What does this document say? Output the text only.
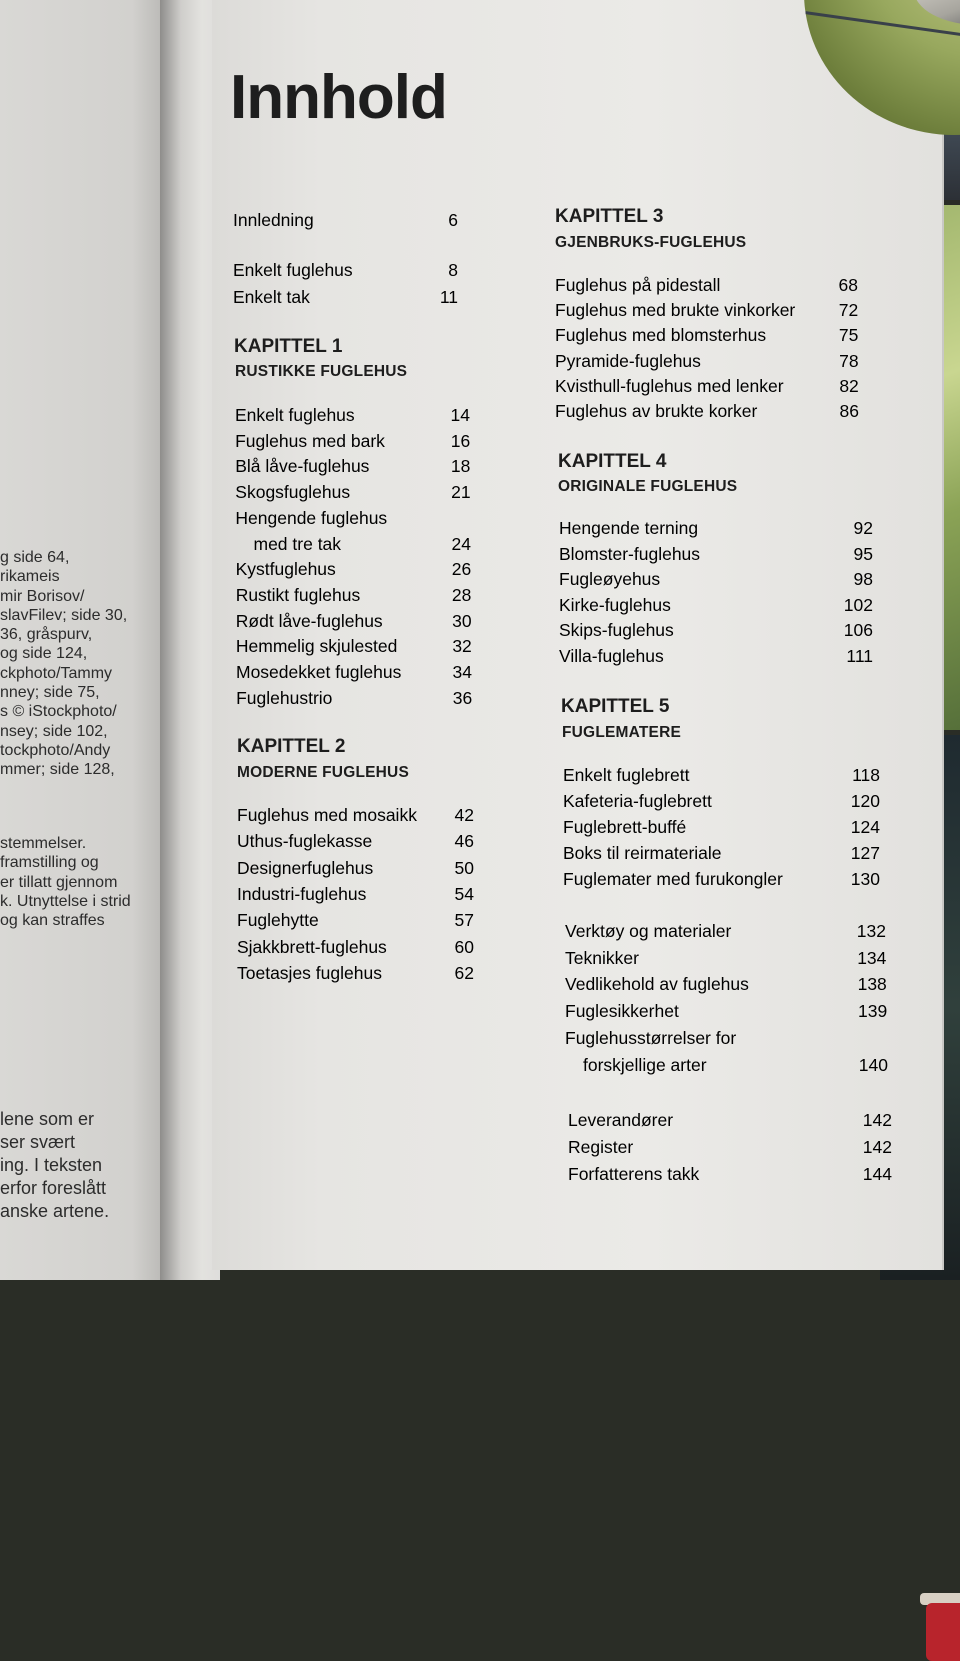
g side 64,
rikameis
mir Borisov/
slavFilev; side 30,
36, gråspurv,
og side 124,
ckphoto/Tammy
nney; side 75,
s © iStockphoto/
nsey; side 102,
tockphoto/Andy
mmer; side 128,
stemmelser.
framstilling og
er tillatt gjennom
k. Utnyttelse i strid
og kan straffes
lene som er
ser svært
ing. I teksten
erfor foreslått
anske artene.
Innhold
Innledning	6
Enkelt fuglehus	8
Enkelt tak	11
KAPITTEL 1
RUSTIKKE FUGLEHUS
Enkelt fuglehus	14
Fuglehus med bark	16
Blå låve-fuglehus	18
Skogsfuglehus	21
Hengende fuglehus
med tre tak	24
Kystfuglehus	26
Rustikt fuglehus	28
Rødt låve-fuglehus	30
Hemmelig skjulested	32
Mosedekket fuglehus	34
Fuglehustrio	36
KAPITTEL 2
MODERNE FUGLEHUS
Fuglehus med mosaikk	42
Uthus-fuglekasse	46
Designerfuglehus	50
Industri-fuglehus	54
Fuglehytte	57
Sjakkbrett-fuglehus	60
Toetasjes fuglehus	62
KAPITTEL 3
GJENBRUKS-FUGLEHUS
Fuglehus på pidestall	68
Fuglehus med brukte vinkorker	72
Fuglehus med blomsterhus	75
Pyramide-fuglehus	78
Kvisthull-fuglehus med lenker	82
Fuglehus av brukte korker	86
KAPITTEL 4
ORIGINALE FUGLEHUS
Hengende terning	92
Blomster-fuglehus	95
Fugleøyehus	98
Kirke-fuglehus	102
Skips-fuglehus	106
Villa-fuglehus	111
KAPITTEL 5
FUGLEMATERE
Enkelt fuglebrett	118
Kafeteria-fuglebrett	120
Fuglebrett-buffé	124
Boks til reirmateriale	127
Fuglemater med furukongler	130
Verktøy og materialer	132
Teknikker	134
Vedlikehold av fuglehus	138
Fuglesikkerhet	139
Fuglehusstørrelser for
forskjellige arter	140
Leverandører	142
Register	142
Forfatterens takk	144
